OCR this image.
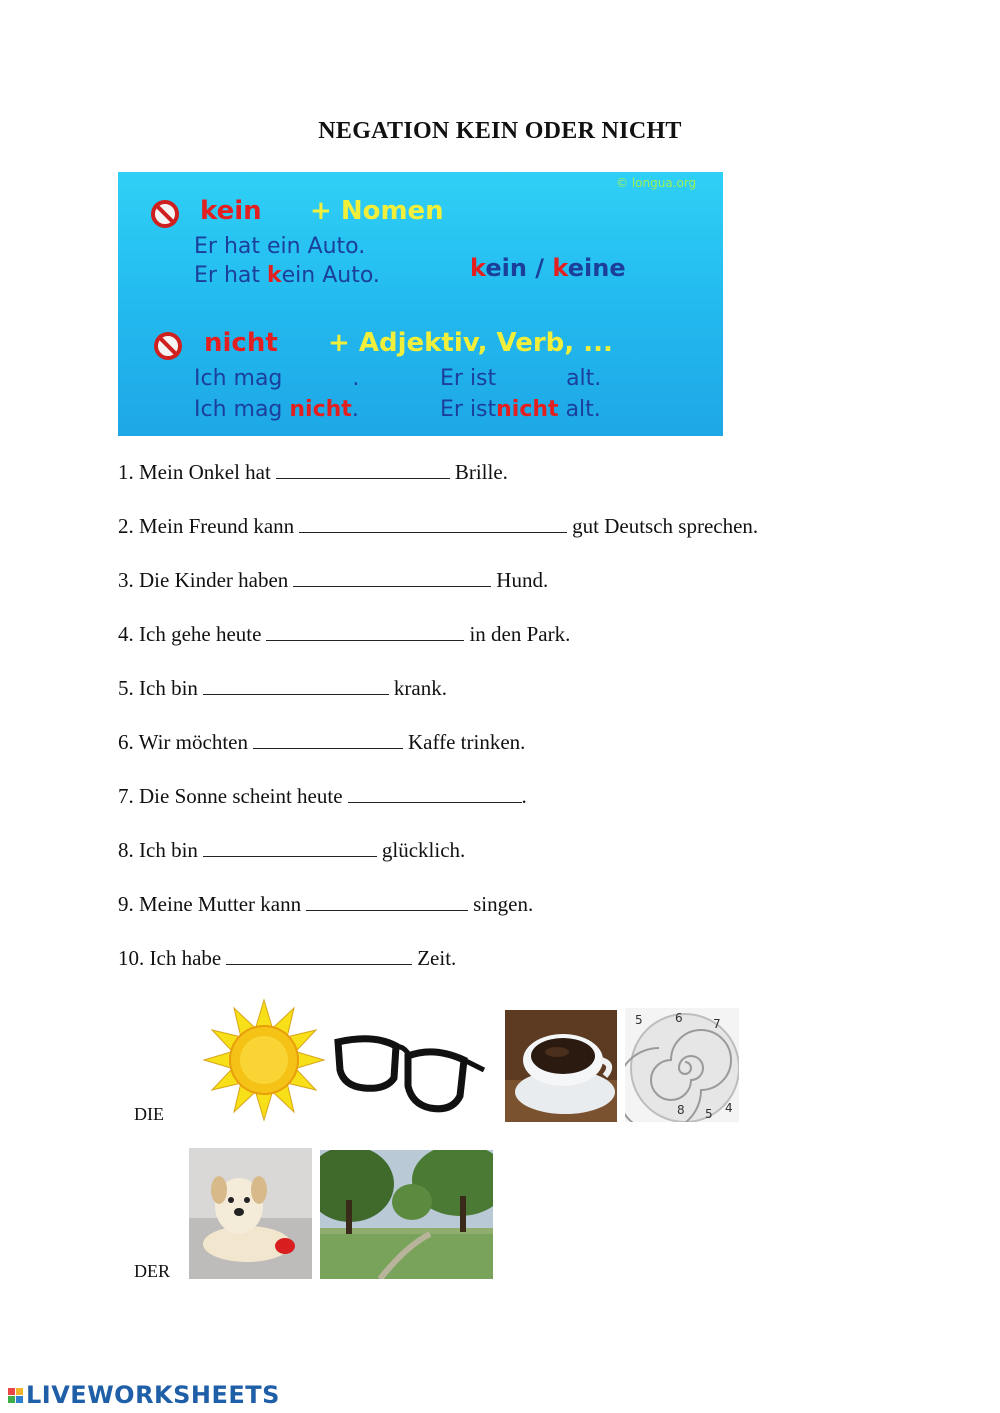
NEGATION KEIN ODER NICHT
© longua.org
kein + Nomen
Er hat ein Auto.
Er hat kein Auto.	kein / keine
nicht + Adjektiv, Verb, ...
Ich mag          .	Er ist          alt.
Ich mag nicht.	Er istnicht alt.
1. Mein Onkel hat	Brille.
2. Mein Freund kann	gut Deutsch sprechen.
3. Die Kinder haben	Hund.
4. Ich gehe heute	in den Park.
5. Ich bin	krank.
6. Wir möchten	Kaffe trinken.
7. Die Sonne scheint heute	.
8. Ich bin	glücklich.
9. Meine Mutter kann	singen.
10. Ich habe	Zeit.
DIE
5	6	7
4
5
8
DER
LIVEWORKSHEETS
